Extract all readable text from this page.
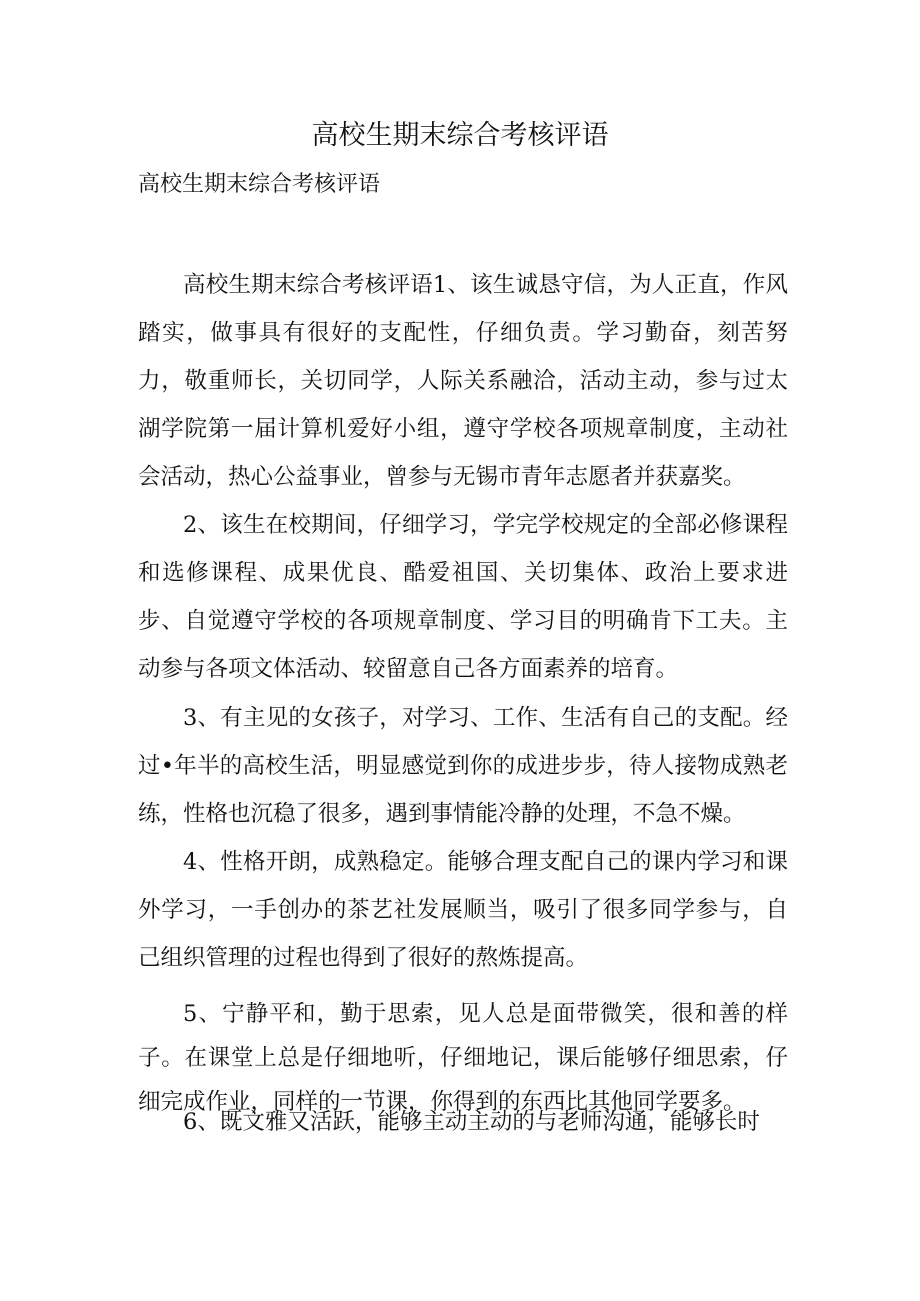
高校生期末综合考核评语
高校生期末综合考核评语

高校生期末综合考核评语1、该生诚恳守信，为人正直，作风踏实，做事具有很好的支配性，仔细负责。学习勤奋，刻苦努力，敬重师长，关切同学，人际关系融洽，活动主动，参与过太湖学院第一届计算机爱好小组，遵守学校各项规章制度，主动社会活动，热心公益事业，曾参与无锡市青年志愿者并获嘉奖。

2、该生在校期间，仔细学习，学完学校规定的全部必修课程和选修课程、成果优良、酷爱祖国、关切集体、政治上要求进步、自觉遵守学校的各项规章制度、学习目的明确肯下工夫。主动参与各项文体活动、较留意自己各方面素养的培育。

3、有主见的女孩子，对学习、工作、生活有自己的支配。经过•年半的高校生活，明显感觉到你的成进步步，待人接物成熟老练，性格也沉稳了很多，遇到事情能冷静的处理，不急不燥。

4、性格开朗，成熟稳定。能够合理支配自己的课内学习和课外学习，一手创办的茶艺社发展顺当，吸引了很多同学参与，自己组织管理的过程也得到了很好的熬炼提高。

5、宁静平和，勤于思索，见人总是面带微笑，很和善的样子。在课堂上总是仔细地听，仔细地记，课后能够仔细思索，仔细完成作业，同样的一节课，你得到的东西比其他同学要多。

6、既文雅又活跃，能够主动主动的与老师沟通，能够长时
